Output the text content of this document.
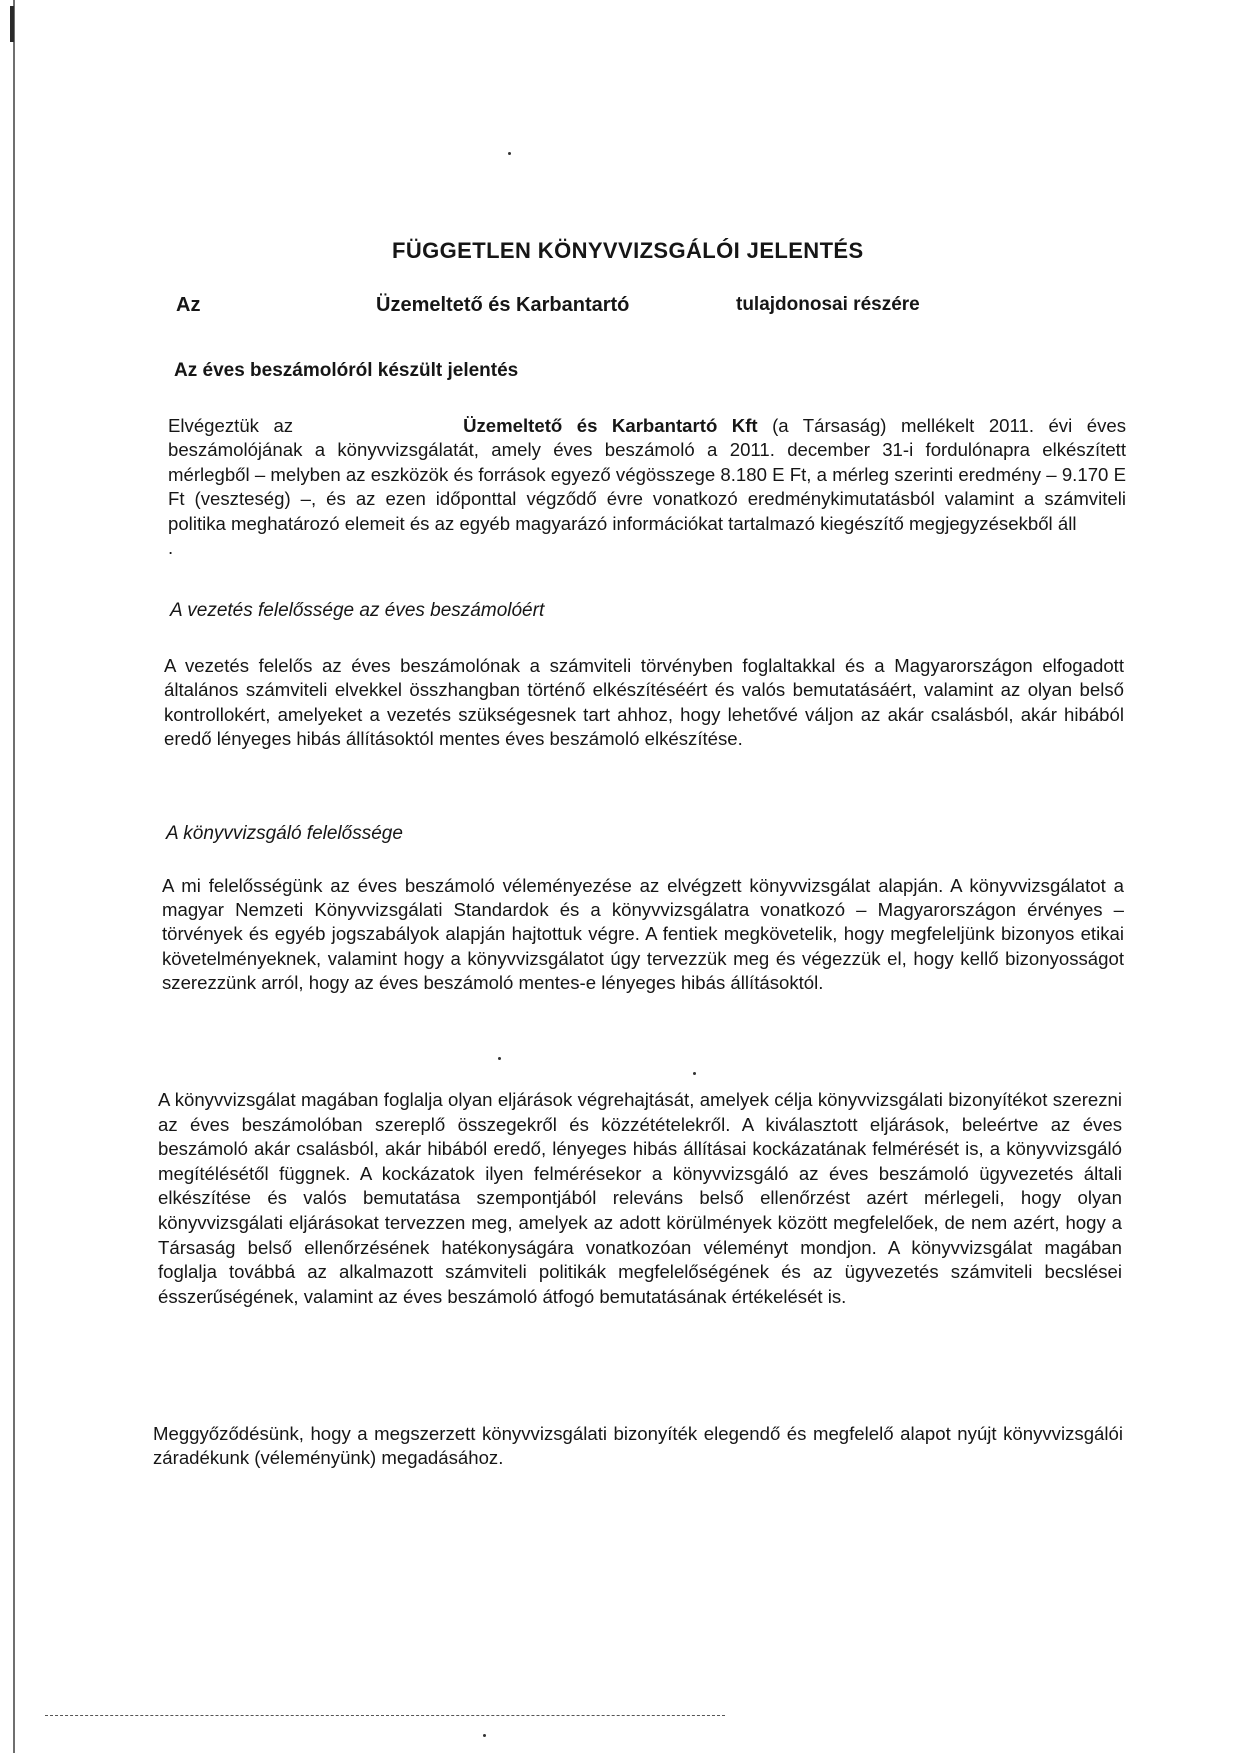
FÜGGETLEN KÖNYVVIZSGÁLÓI JELENTÉS
Az	Üzemeltető és Karbantartó	tulajdonosai részére
Az éves beszámolóról készült jelentés

Elvégeztük az	Üzemeltető és Karbantartó Kft (a Társaság) mellékelt 2011. évi éves beszámolójának a könyvvizsgálatát, amely éves beszámoló a 2011. december 31-i fordulónapra elkészített mérlegből – melyben az eszközök és források egyező végösszege 8.180 E Ft, a mérleg szerinti eredmény – 9.170 E Ft (veszteség) –, és az ezen időponttal végződő évre vonatkozó eredménykimutatásból valamint a számviteli politika meghatározó elemeit és az egyéb magyarázó információkat tartalmazó kiegészítő megjegyzésekből áll
.

A vezetés felelőssége az éves beszámolóért

A vezetés felelős az éves beszámolónak a számviteli törvényben foglaltakkal és a Magyarországon elfogadott általános számviteli elvekkel összhangban történő elkészítéséért és valós bemutatásáért, valamint az olyan belső kontrollokért, amelyeket a vezetés szükségesnek tart ahhoz, hogy lehetővé váljon az akár csalásból, akár hibából eredő lényeges hibás állításoktól mentes éves beszámoló elkészítése.

A könyvvizsgáló felelőssége

A mi felelősségünk az éves beszámoló véleményezése az elvégzett könyvvizsgálat alapján. A könyvvizsgálatot a magyar Nemzeti Könyvvizsgálati Standardok és a könyvvizsgálatra vonatkozó – Magyarországon érvényes – törvények és egyéb jogszabályok alapján hajtottuk végre. A fentiek megkövetelik, hogy megfeleljünk bizonyos etikai követelményeknek, valamint hogy a könyvvizsgálatot úgy tervezzük meg és végezzük el, hogy kellő bizonyosságot szerezzünk arról, hogy az éves beszámoló mentes-e lényeges hibás állításoktól.

A könyvvizsgálat magában foglalja olyan eljárások végrehajtását, amelyek célja könyvvizsgálati bizonyítékot szerezni az éves beszámolóban szereplő összegekről és közzétételekről. A kiválasztott eljárások, beleértve az éves beszámoló akár csalásból, akár hibából eredő, lényeges hibás állításai kockázatának felmérését is, a könyvvizsgáló megítélésétől függnek. A kockázatok ilyen felmérésekor a könyvvizsgáló az éves beszámoló ügyvezetés általi elkészítése és valós bemutatása szempontjából releváns belső ellenőrzést azért mérlegeli, hogy olyan könyvvizsgálati eljárásokat tervezzen meg, amelyek az adott körülmények között megfelelőek, de nem azért, hogy a Társaság belső ellenőrzésének hatékonyságára vonatkozóan véleményt mondjon. A könyvvizsgálat magában foglalja továbbá az alkalmazott számviteli politikák megfelelőségének és az ügyvezetés számviteli becslései ésszerűségének, valamint az éves beszámoló átfogó bemutatásának értékelését is.

Meggyőződésünk, hogy a megszerzett könyvvizsgálati bizonyíték elegendő és megfelelő alapot nyújt könyvvizsgálói záradékunk (véleményünk) megadásához.
